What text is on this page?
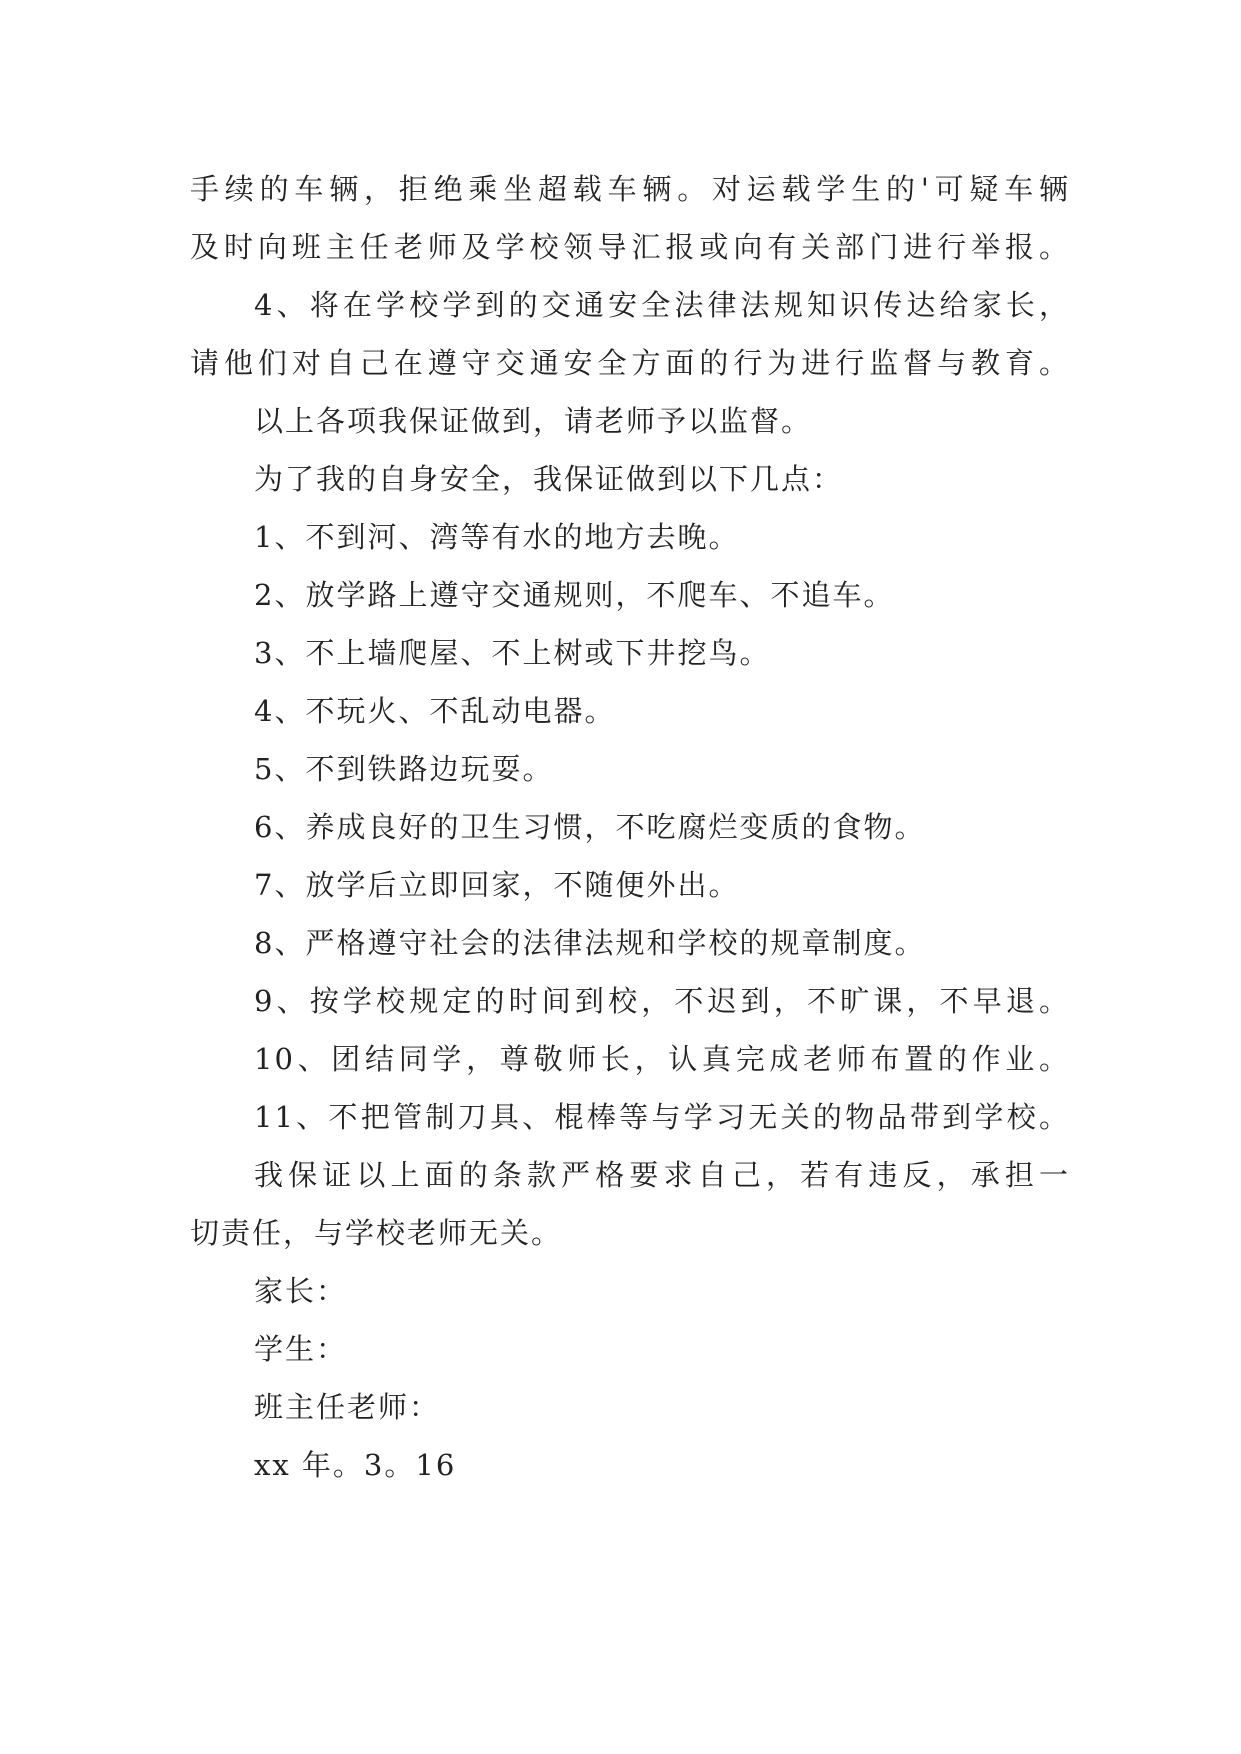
手续的车辆，拒绝乘坐超载车辆。对运载学生的'可疑车辆

及时向班主任老师及学校领导汇报或向有关部门进行举报。

4、将在学校学到的交通安全法律法规知识传达给家长，

请他们对自己在遵守交通安全方面的行为进行监督与教育。

以上各项我保证做到，请老师予以监督。

为了我的自身安全，我保证做到以下几点：

1、不到河、湾等有水的地方去晚。

2、放学路上遵守交通规则，不爬车、不追车。

3、不上墙爬屋、不上树或下井挖鸟。

4、不玩火、不乱动电器。

5、不到铁路边玩耍。

6、养成良好的卫生习惯，不吃腐烂变质的食物。

7、放学后立即回家，不随便外出。

8、严格遵守社会的法律法规和学校的规章制度。

9、按学校规定的时间到校，不迟到，不旷课，不早退。

10、团结同学，尊敬师长，认真完成老师布置的作业。

11、不把管制刀具、棍棒等与学习无关的物品带到学校。

我保证以上面的条款严格要求自己，若有违反，承担一

切责任，与学校老师无关。

家长：

学生：

班主任老师：

xx 年。3。16
